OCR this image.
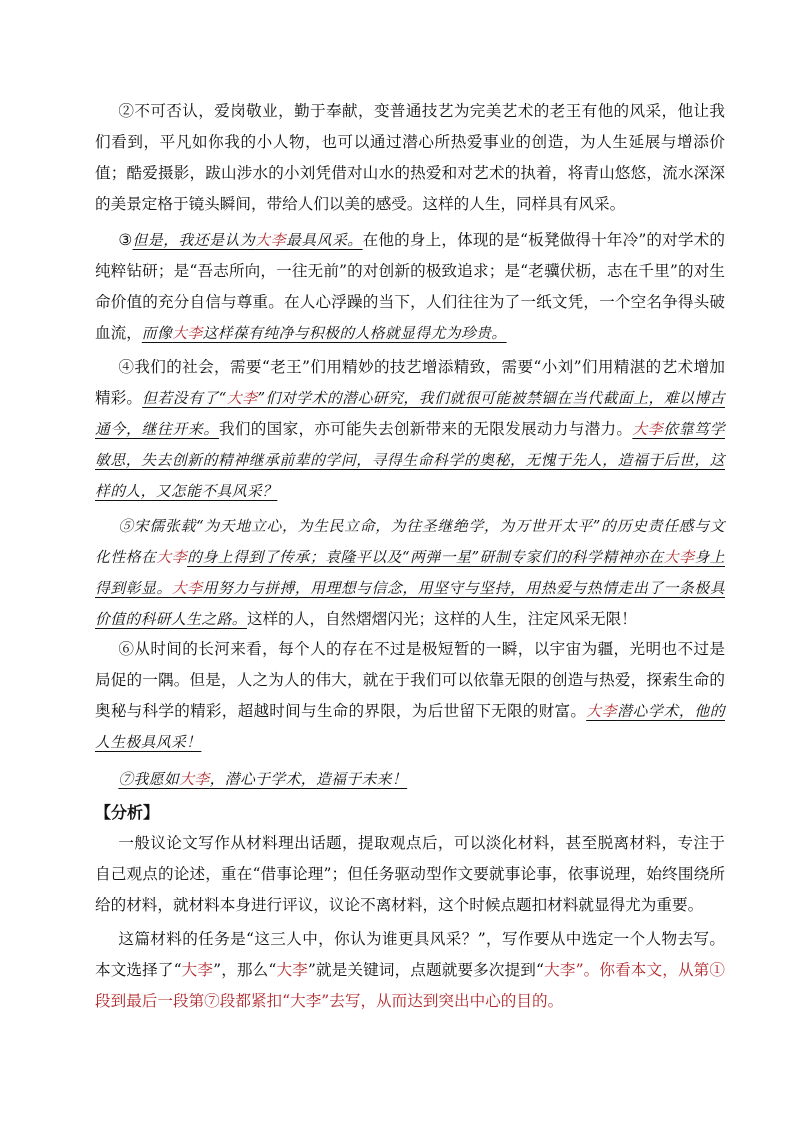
②不可否认，爱岗敬业，勤于奉献，变普通技艺为完美艺术的老王有他的风采，他让我们看到，平凡如你我的小人物，也可以通过潜心所热爱事业的创造，为人生延展与增添价值；酷爱摄影，跋山涉水的小刘凭借对山水的热爱和对艺术的执着，将青山悠悠，流水深深的美景定格于镜头瞬间，带给人们以美的感受。这样的人生，同样具有风采。

③但是，我还是认为大李最具风采。在他的身上，体现的是“板凳做得十年冷”的对学术的纯粹钻研；是“吾志所向，一往无前”的对创新的极致追求；是“老骥伏枥，志在千里”的对生命价值的充分自信与尊重。在人心浮躁的当下，人们往往为了一纸文凭，一个空名争得头破血流，而像大李这样葆有纯净与积极的人格就显得尤为珍贵。

④我们的社会，需要“老王”们用精妙的技艺增添精致，需要“小刘”们用精湛的艺术增加精彩。但若没有了“大李”们对学术的潜心研究，我们就很可能被禁锢在当代截面上，难以博古通今，继往开来。我们的国家，亦可能失去创新带来的无限发展动力与潜力。大李依靠笃学敏思，失去创新的精神继承前辈的学问，寻得生命科学的奥秘，无愧于先人，造福于后世，这样的人，又怎能不具风采？

⑤宋儒张载“为天地立心，为生民立命，为往圣继绝学，为万世开太平”的历史责任感与文化性格在大李的身上得到了传承；袁隆平以及“两弹一星”研制专家们的科学精神亦在大李身上得到彰显。大李用努力与拼搏，用理想与信念，用坚守与坚持，用热爱与热情走出了一条极具价值的科研人生之路。这样的人，自然熠熠闪光；这样的人生，注定风采无限！

⑥从时间的长河来看，每个人的存在不过是极短暂的一瞬，以宇宙为疆，光明也不过是局促的一隅。但是，人之为人的伟大，就在于我们可以依靠无限的创造与热爱，探索生命的奥秘与科学的精彩，超越时间与生命的界限，为后世留下无限的财富。大李潜心学术，他的人生极具风采！

⑦我愿如大李，潜心于学术，造福于未来！

【分析】

一般议论文写作从材料理出话题，提取观点后，可以淡化材料，甚至脱离材料，专注于自己观点的论述，重在“借事论理”；但任务驱动型作文要就事论事，依事说理，始终围绕所给的材料，就材料本身进行评议，议论不离材料，这个时候点题扣材料就显得尤为重要。

这篇材料的任务是“这三人中，你认为谁更具风采？”，写作要从中选定一个人物去写。本文选择了“大李”，那么“大李”就是关键词，点题就要多次提到“大李”。你看本文，从第①段到最后一段第⑦段都紧扣“大李”去写，从而达到突出中心的目的。
